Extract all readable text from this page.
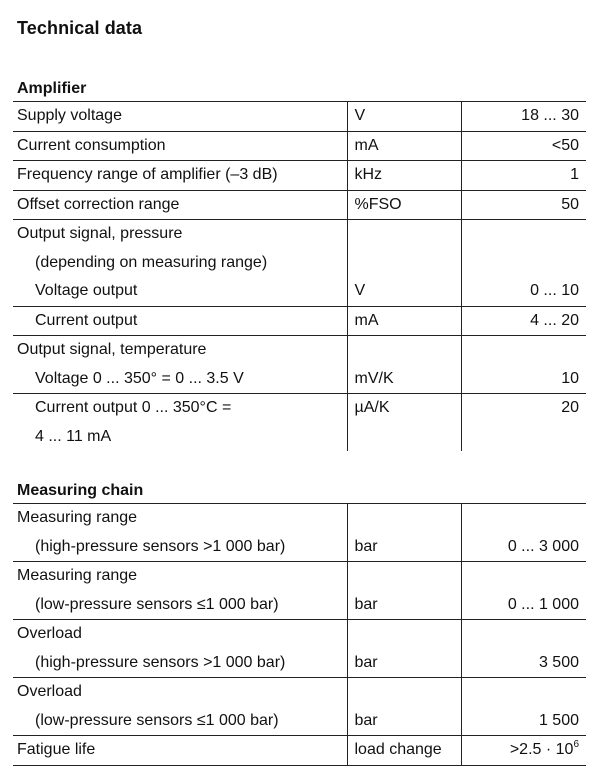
Technical data
Amplifier
Supply voltage	V	18 ... 30
Current consumption	mA	<50
Frequency range of amplifier (–3 dB)	kHz	1
Offset correction range	%FSO	50
Output signal, pressure		
(depending on measuring range)		
Voltage output	V	0 ... 10
Current output	mA	4 ... 20
Output signal, temperature		
Voltage 0 ... 350° = 0 ... 3.5 V	mV/K	10
Current output 0 ... 350°C =	µA/K	20
4 ... 11 mA		
Measuring chain
Measuring range		
(high-pressure sensors >1 000 bar)	bar	0 ... 3 000
Measuring range		
(low-pressure sensors ≤1 000 bar)	bar	0 ... 1 000
Overload		
(high-pressure sensors >1 000 bar)	bar	3 500
Overload		
(low-pressure sensors ≤1 000 bar)	bar	1 500
Fatigue life	load change	$>2.5 \cdot 10^6$
